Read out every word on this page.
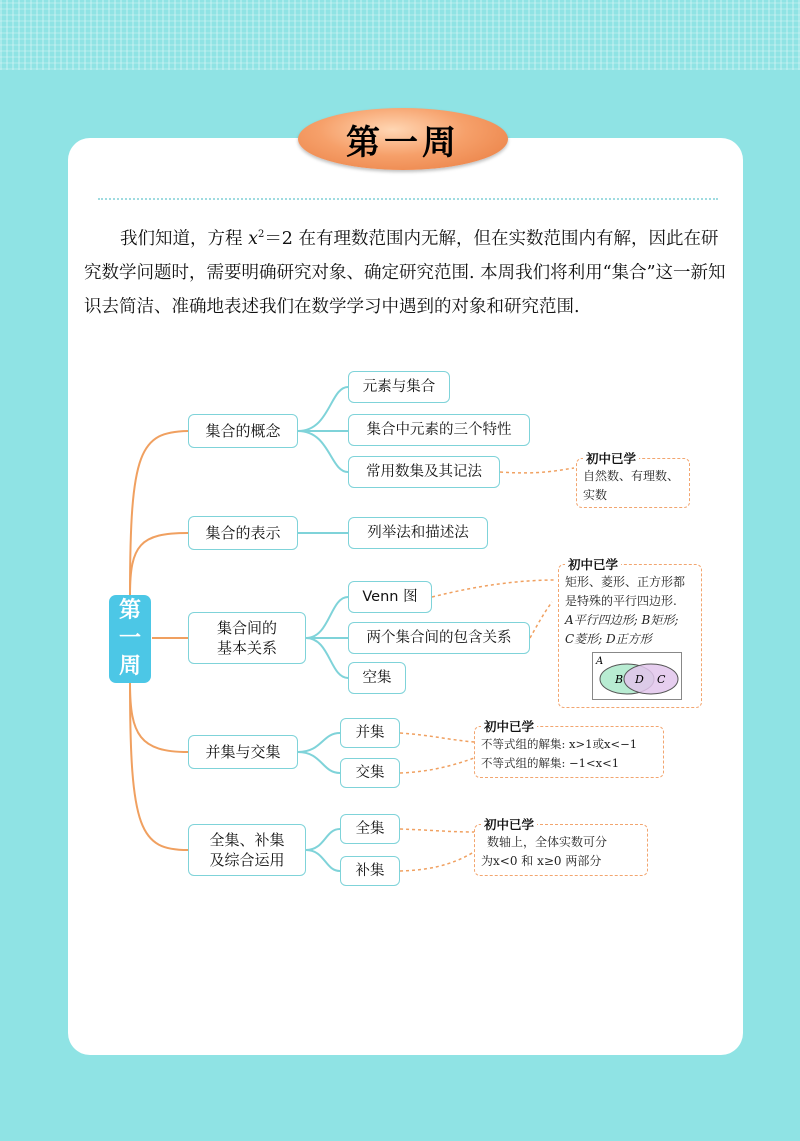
第一周

我们知道，方程 $x^2=2$ 在有理数范围内无解，但在实数范围内有解，因此在研究数学问题时，需要明确研究对象、确定研究范围. 本周我们将利用“集合”这一新知识去简洁、准确地表述我们在数学学习中遇到的对象和研究范围.

第
一
周
集合的概念
集合的表示
集合间的
基本关系
并集与交集
全集、补集
及综合运用
元素与集合
集合中元素的三个特性
常用数集及其记法
列举法和描述法
Venn 图
两个集合间的包含关系
空集
并集
交集
全集
补集
初中已学
自然数、有理数、
实数
初中已学
矩形、菱形、正方形都
是特殊的平行四边形.
A平行四边形; B矩形;
C菱形; D正方形
A
B D C
初中已学
不等式组的解集: x>1或x<−1
不等式组的解集: −1<x<1
初中已学
数轴上，全体实数可分
为x<0 和 x≥0 两部分
